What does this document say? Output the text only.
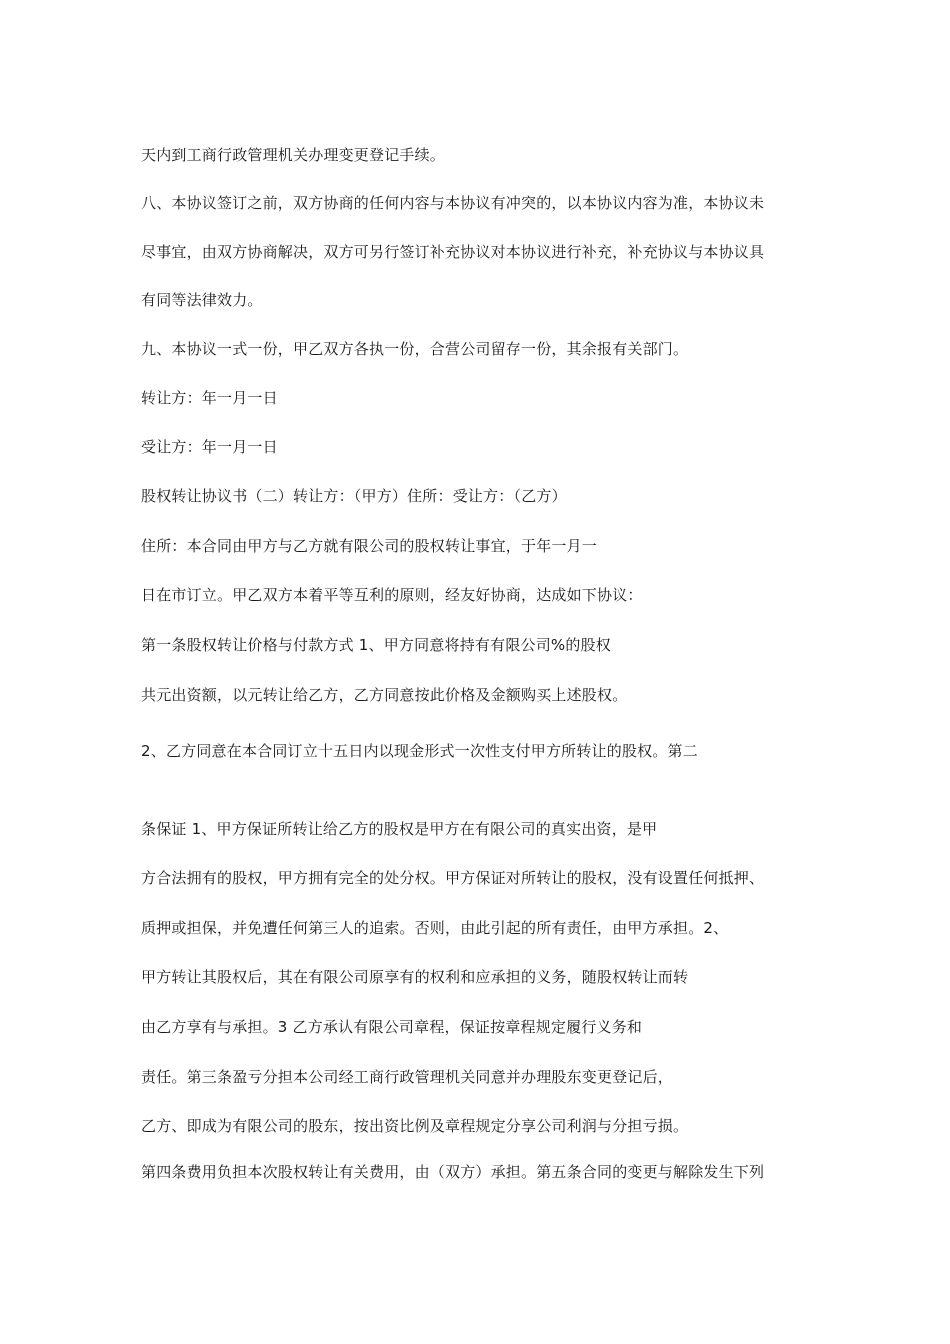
天内到工商行政管理机关办理变更登记手续。
八、本协议签订之前，双方协商的任何内容与本协议有冲突的，以本协议内容为准，本协议未
尽事宜，由双方协商解决，双方可另行签订补充协议对本协议进行补充，补充协议与本协议具
有同等法律效力。
九、本协议一式一份，甲乙双方各执一份，合营公司留存一份，其余报有关部门。
转让方：年一月一日
受让方：年一月一日
股权转让协议书（二）转让方：（甲方）住所：受让方：（乙方）
住所：本合同由甲方与乙方就有限公司的股权转让事宜，于年一月一
日在市订立。甲乙双方本着平等互利的原则，经友好协商，达成如下协议：
第一条股权转让价格与付款方式 1、甲方同意将持有有限公司%的股权
共元出资额，以元转让给乙方，乙方同意按此价格及金额购买上述股权。
2、乙方同意在本合同订立十五日内以现金形式一次性支付甲方所转让的股权。第二
条保证 1、甲方保证所转让给乙方的股权是甲方在有限公司的真实出资，是甲
方合法拥有的股权，甲方拥有完全的处分权。甲方保证对所转让的股权，没有设置任何抵押、
质押或担保，并免遭任何第三人的追索。否则，由此引起的所有责任，由甲方承担。2、
甲方转让其股权后，其在有限公司原享有的权利和应承担的义务，随股权转让而转
由乙方享有与承担。3 乙方承认有限公司章程，保证按章程规定履行义务和
责任。第三条盈亏分担本公司经工商行政管理机关同意并办理股东变更登记后，
乙方、即成为有限公司的股东，按出资比例及章程规定分享公司利润与分担亏损。
第四条费用负担本次股权转让有关费用，由（双方）承担。第五条合同的变更与解除发生下列
